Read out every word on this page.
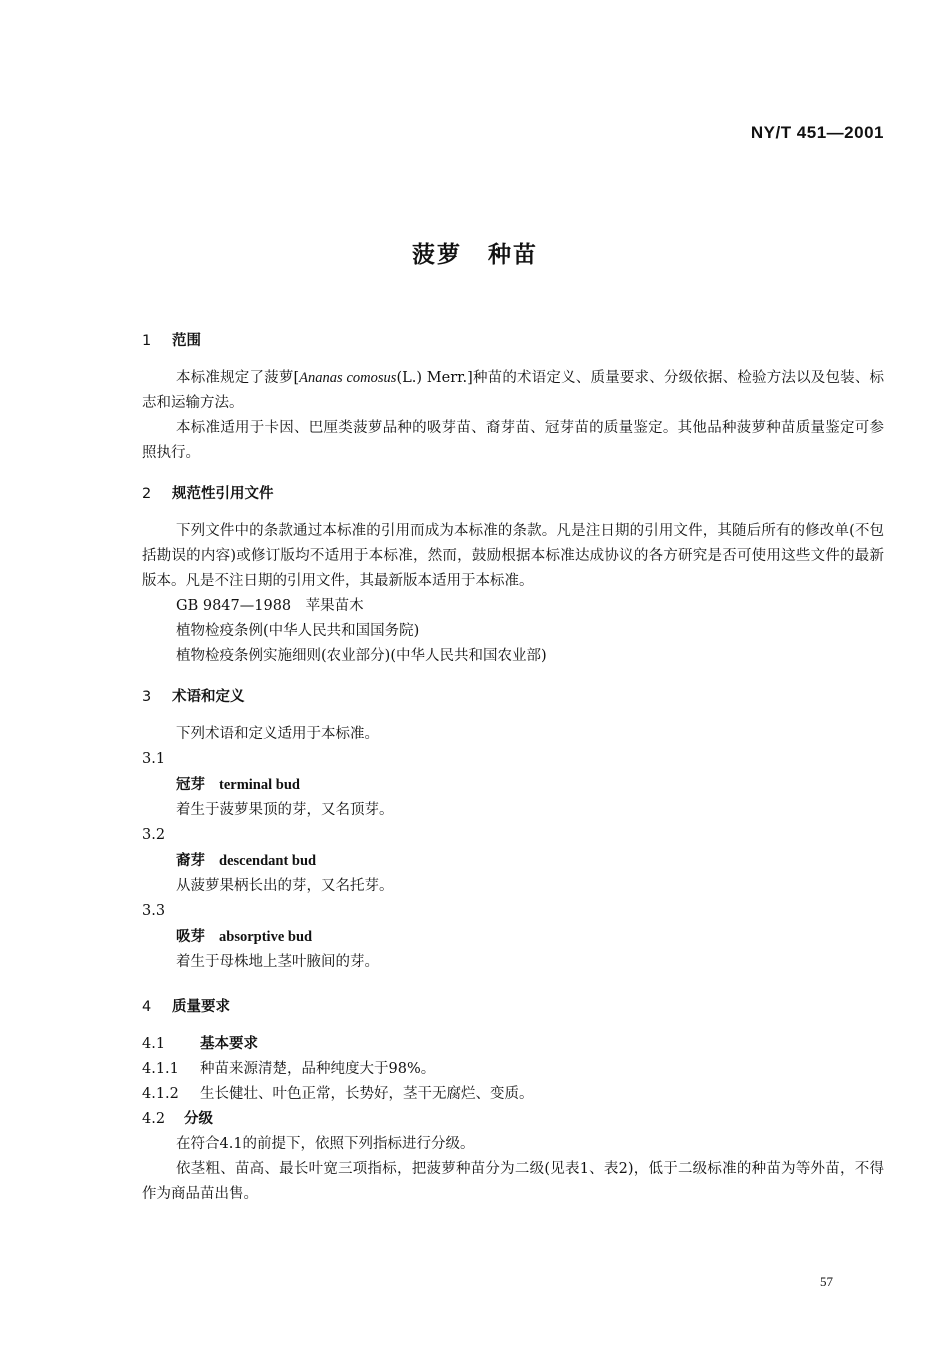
NY/T 451—2001
菠萝 种苗

1 范围

本标准规定了菠萝[Ananas comosus(L.) Merr.]种苗的术语定义、质量要求、分级依据、检验方法以及包装、标志和运输方法。

本标准适用于卡因、巴厘类菠萝品种的吸芽苗、裔芽苗、冠芽苗的质量鉴定。其他品种菠萝种苗质量鉴定可参照执行。

2 规范性引用文件

下列文件中的条款通过本标准的引用而成为本标准的条款。凡是注日期的引用文件，其随后所有的修改单(不包括勘误的内容)或修订版均不适用于本标准，然而，鼓励根据本标准达成协议的各方研究是否可使用这些文件的最新版本。凡是不注日期的引用文件，其最新版本适用于本标准。

GB 9847—1988　苹果苗木

植物检疫条例(中华人民共和国国务院)

植物检疫条例实施细则(农业部分)(中华人民共和国农业部)

3 术语和定义

下列术语和定义适用于本标准。

3.1

冠芽 terminal bud

着生于菠萝果顶的芽，又名顶芽。

3.2

裔芽 descendant bud

从菠萝果柄长出的芽，又名托芽。

3.3

吸芽 absorptive bud

着生于母株地上茎叶腋间的芽。

4 质量要求

4.1 基本要求

4.1.1 种苗来源清楚，品种纯度大于98%。

4.1.2 生长健壮、叶色正常，长势好，茎干无腐烂、变质。

4.2 分级

在符合4.1的前提下，依照下列指标进行分级。

依茎粗、苗高、最长叶宽三项指标，把菠萝种苗分为二级(见表1、表2)，低于二级标准的种苗为等外苗，不得作为商品苗出售。

57
